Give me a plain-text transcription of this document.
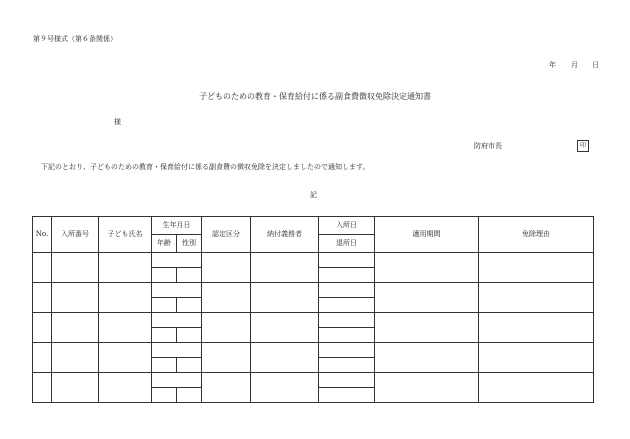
第９号様式（第６条関係）
年 月 日
子どものための教育・保育給付に係る副食費徴収免除決定通知書
様
防府市長	印
下記のとおり、子どものための教育・保育給付に係る副食費の徴収免除を決定しましたので通知します。
記
No.	入所番号	子ども氏名	生年月日		認定区分	納付義務者	入所日	適用期間	免除理由
			年齢	性別			退所日		
